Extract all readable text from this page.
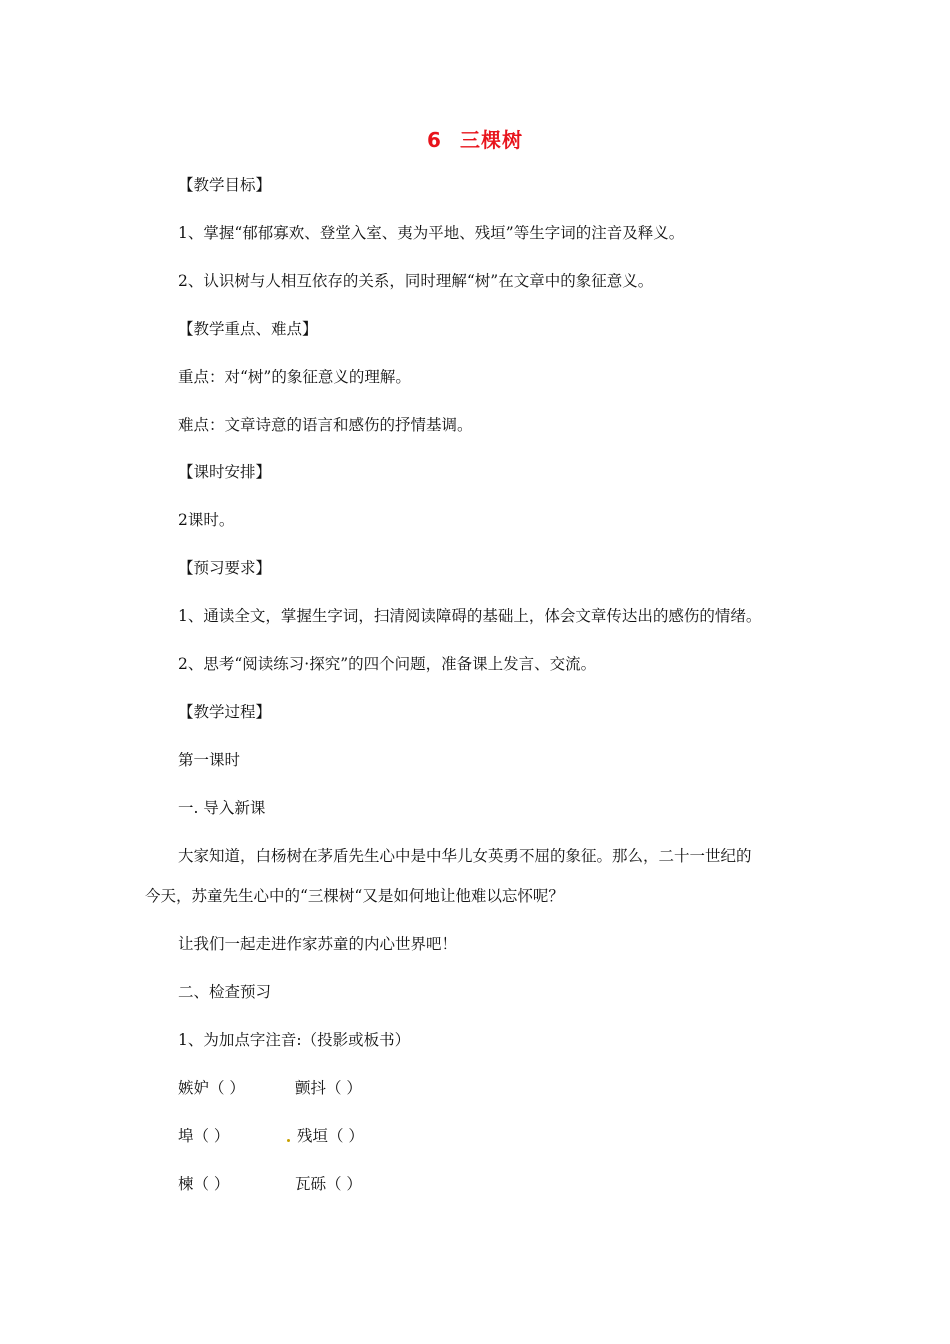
6 三棵树
【教学目标】
1、掌握“郁郁寡欢、登堂入室、夷为平地、残垣”等生字词的注音及释义。
2、认识树与人相互依存的关系，同时理解“树”在文章中的象征意义。
【教学重点、难点】
重点：对“树”的象征意义的理解。
难点：文章诗意的语言和感伤的抒情基调。
【课时安排】
2课时。
【预习要求】
1、通读全文，掌握生字词，扫清阅读障碍的基础上，体会文章传达出的感伤的情绪。
2、思考“阅读练习·探究”的四个问题，准备课上发言、交流。
【教学过程】
第一课时
一. 导入新课
大家知道，白杨树在茅盾先生心中是中华儿女英勇不屈的象征。那么，二十一世纪的
今天，苏童先生心中的“三棵树“又是如何地让他难以忘怀呢？
让我们一起走进作家苏童的内心世界吧！
二、检查预习
1、为加点字注音:（投影或板书）
嫉妒（ ）	颤抖（ ）
埠（ ）	残垣（ ）
楝（ ）	瓦砾（ ）
